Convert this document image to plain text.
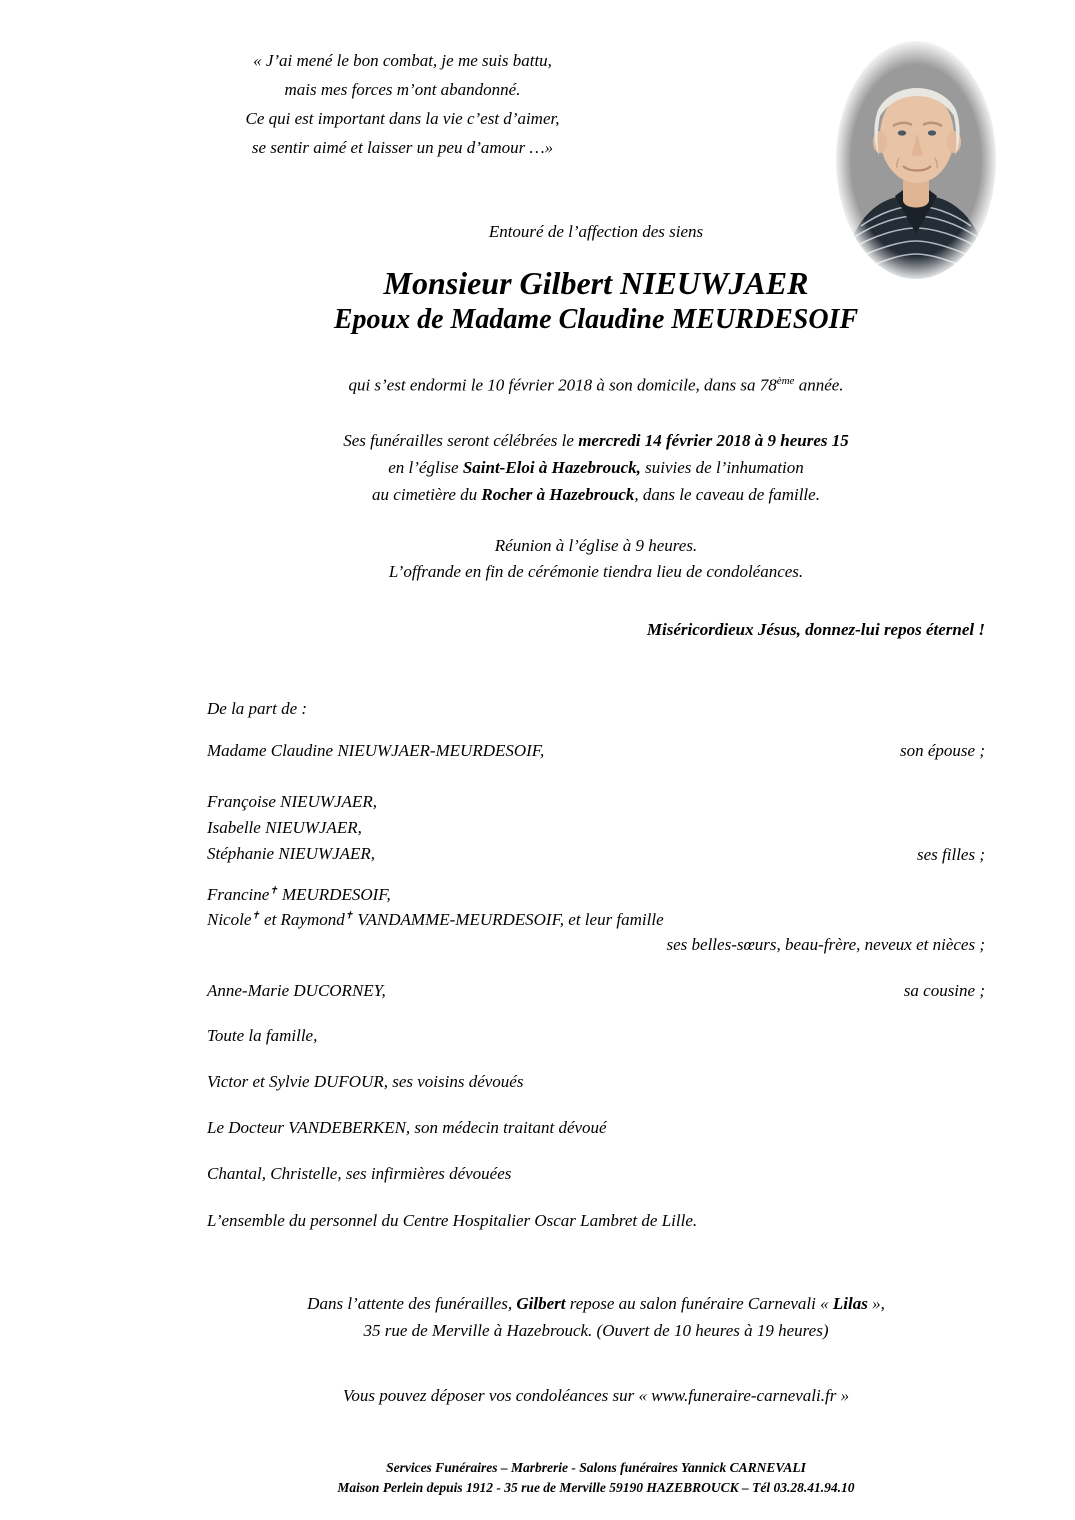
« J’ai mené le bon combat, je me suis battu,
mais mes forces m’ont abandonné.
Ce qui est important dans la vie c’est d’aimer,
se sentir aimé et laisser un peu d’amour …»
Entouré de l’affection des siens
Monsieur Gilbert NIEUWJAER
Epoux de Madame Claudine MEURDESOIF
qui s’est endormi le 10 février 2018 à son domicile, dans sa 78ème année.
Ses funérailles seront célébrées le mercredi 14 février 2018 à 9 heures 15
en l’église Saint-Eloi à Hazebrouck, suivies de l’inhumation
au cimetière du Rocher à Hazebrouck, dans le caveau de famille.
Réunion à l’église à 9 heures.
L’offrande en fin de cérémonie tiendra lieu de condoléances.
Miséricordieux Jésus, donnez-lui repos éternel !
De la part de :
Madame Claudine NIEUWJAER-MEURDESOIF,	son épouse ;
Françoise NIEUWJAER,
Isabelle NIEUWJAER,
Stéphanie NIEUWJAER,	ses filles ;
Francine✝ MEURDESOIF,
Nicole✝ et Raymond✝ VANDAMME-MEURDESOIF, et leur famille
ses belles-sœurs, beau-frère, neveux et nièces ;
Anne-Marie DUCORNEY,	sa cousine ;
Toute la famille,
Victor et Sylvie DUFOUR, ses voisins dévoués
Le Docteur VANDEBERKEN, son médecin traitant dévoué
Chantal, Christelle, ses infirmières dévouées
L’ensemble du personnel du Centre Hospitalier Oscar Lambret de Lille.
Dans l’attente des funérailles, Gilbert repose au salon funéraire Carnevali « Lilas »,
35 rue de Merville à Hazebrouck. (Ouvert de 10 heures à 19 heures)
Vous pouvez déposer vos condoléances sur « www.funeraire-carnevali.fr »
Services Funéraires – Marbrerie - Salons funéraires Yannick CARNEVALI
Maison Perlein depuis 1912 - 35 rue de Merville 59190 HAZEBROUCK – Tél 03.28.41.94.10
